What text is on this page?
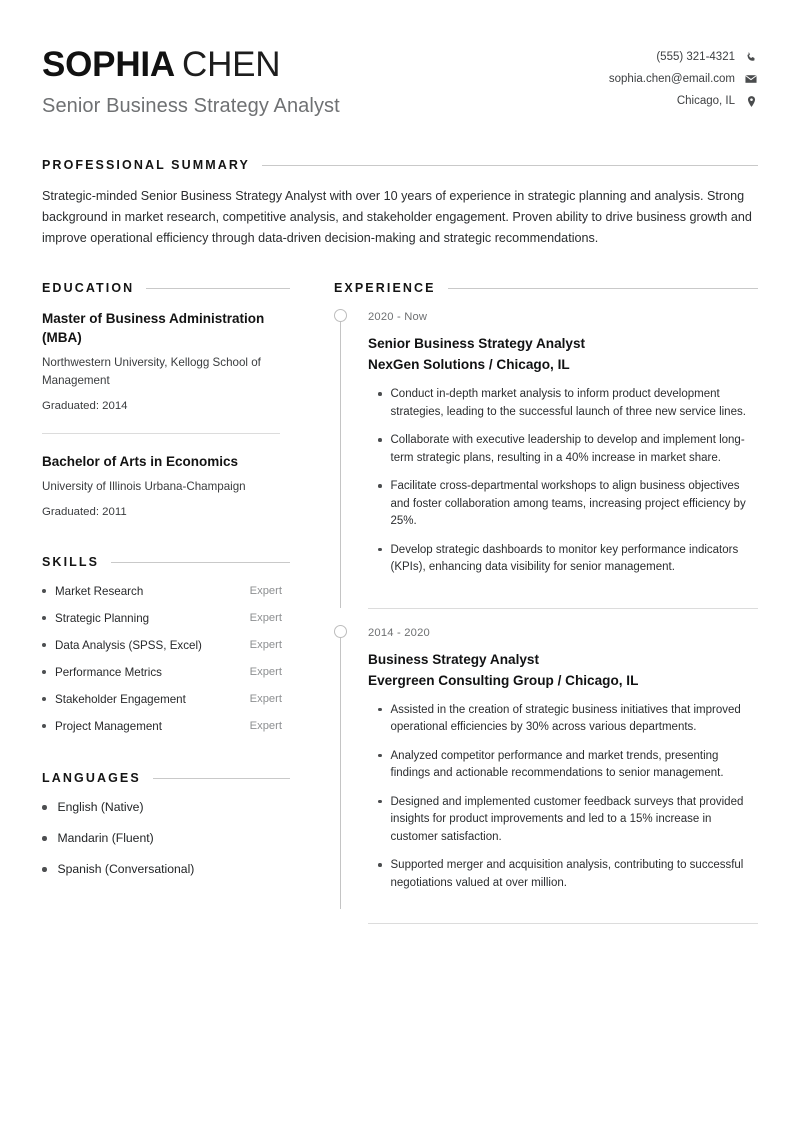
SOPHIA CHEN
Senior Business Strategy Analyst
(555) 321-4321
sophia.chen@email.com
Chicago, IL
PROFESSIONAL SUMMARY
Strategic-minded Senior Business Strategy Analyst with over 10 years of experience in strategic planning and analysis. Strong background in market research, competitive analysis, and stakeholder engagement. Proven ability to drive business growth and improve operational efficiency through data-driven decision-making and strategic recommendations.
EDUCATION
Master of Business Administration (MBA)
Northwestern University, Kellogg School of Management
Graduated: 2014
Bachelor of Arts in Economics
University of Illinois Urbana-Champaign
Graduated: 2011
SKILLS
Market Research	Expert
Strategic Planning	Expert
Data Analysis (SPSS, Excel)	Expert
Performance Metrics	Expert
Stakeholder Engagement	Expert
Project Management	Expert
LANGUAGES
English (Native)
Mandarin (Fluent)
Spanish (Conversational)
EXPERIENCE
2020 - Now
Senior Business Strategy Analyst
NexGen Solutions / Chicago, IL
Conduct in-depth market analysis to inform product development strategies, leading to the successful launch of three new service lines.
Collaborate with executive leadership to develop and implement long-term strategic plans, resulting in a 40% increase in market share.
Facilitate cross-departmental workshops to align business objectives and foster collaboration among teams, increasing project efficiency by 25%.
Develop strategic dashboards to monitor key performance indicators (KPIs), enhancing data visibility for senior management.
2014 - 2020
Business Strategy Analyst
Evergreen Consulting Group / Chicago, IL
Assisted in the creation of strategic business initiatives that improved operational efficiencies by 30% across various departments.
Analyzed competitor performance and market trends, presenting findings and actionable recommendations to senior management.
Designed and implemented customer feedback surveys that provided insights for product improvements and led to a 15% increase in customer satisfaction.
Supported merger and acquisition analysis, contributing to successful negotiations valued at over million.
